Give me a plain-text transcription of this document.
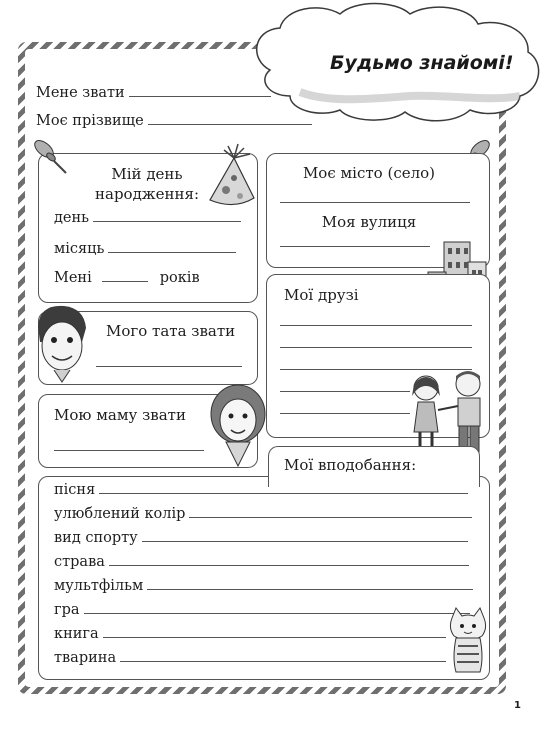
Будьмо знайомі!
Мене звати
Моє прізвище
Мій день
народження:
день
місяць
Мені	років
Моє місто (село)
Моя вулиця
Мої друзі
Мого тата звати
Мою маму звати
Мої вподобання:
пісня
улюблений колір
вид спорту
страва
мультфільм
гра
книга
тварина
1
